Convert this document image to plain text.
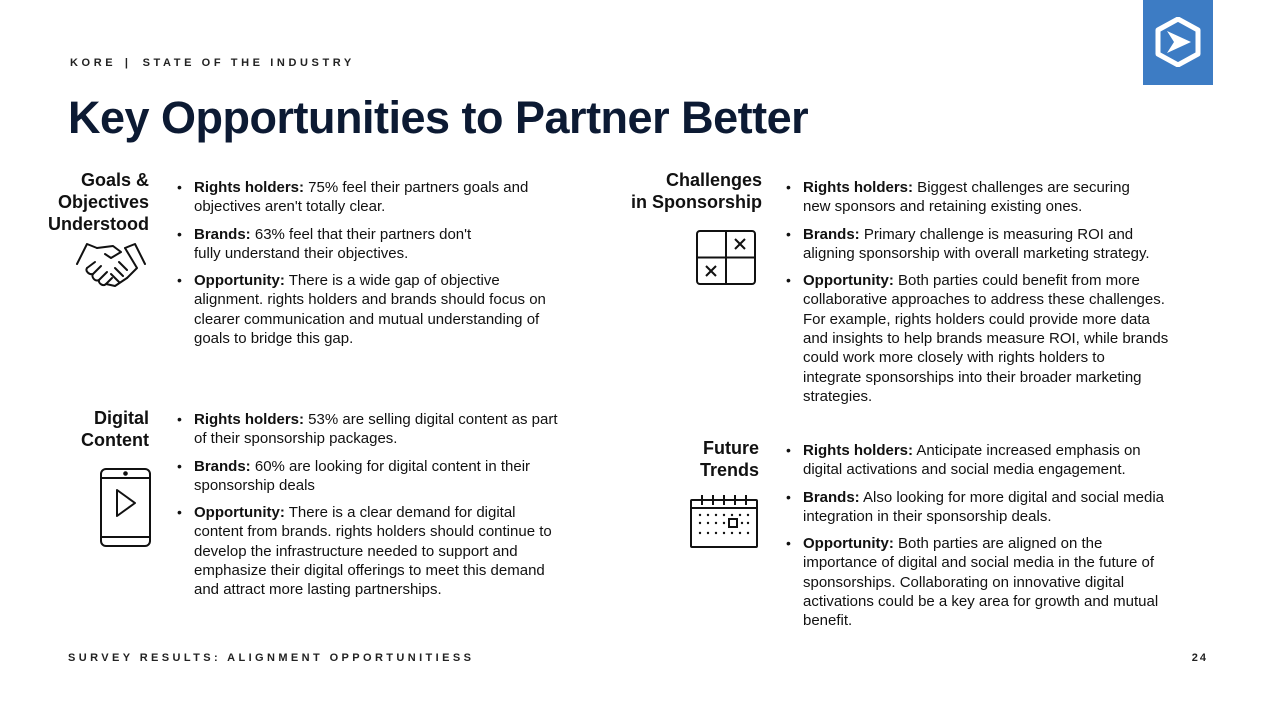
KORE | STATE OF THE INDUSTRY
Key Opportunities to Partner Better
Goals &
Objectives
Understood
• Rights holders: 75% feel their partners goals and
objectives aren't totally clear.
• Brands: 63% feel that their partners don't
fully understand their objectives.
• Opportunity: There is a wide gap of objective
alignment. rights holders and brands should focus on
clearer communication and mutual understanding of
goals to bridge this gap.
Challenges
in Sponsorship
• Rights holders: Biggest challenges are securing
new sponsors and retaining existing ones.
• Brands: Primary challenge is measuring ROI and
aligning sponsorship with overall marketing strategy.
• Opportunity: Both parties could benefit from more
collaborative approaches to address these challenges.
For example, rights holders could provide more data
and insights to help brands measure ROI, while brands
could work more closely with rights holders to
integrate sponsorships into their broader marketing
strategies.
Digital
Content
• Rights holders: 53% are selling digital content as part
of their sponsorship packages.
• Brands: 60% are looking for digital content in their
sponsorship deals
• Opportunity: There is a clear demand for digital
content from brands. rights holders should continue to
develop the infrastructure needed to support and
emphasize their digital offerings to meet this demand
and attract more lasting partnerships.
Future
Trends
• Rights holders: Anticipate increased emphasis on
digital activations and social media engagement.
• Brands: Also looking for more digital and social media
integration in their sponsorship deals.
• Opportunity: Both parties are aligned on the
importance of digital and social media in the future of
sponsorships. Collaborating on innovative digital
activations could be a key area for growth and mutual
benefit.
SURVEY RESULTS: ALIGNMENT OPPORTUNITIESS	24
